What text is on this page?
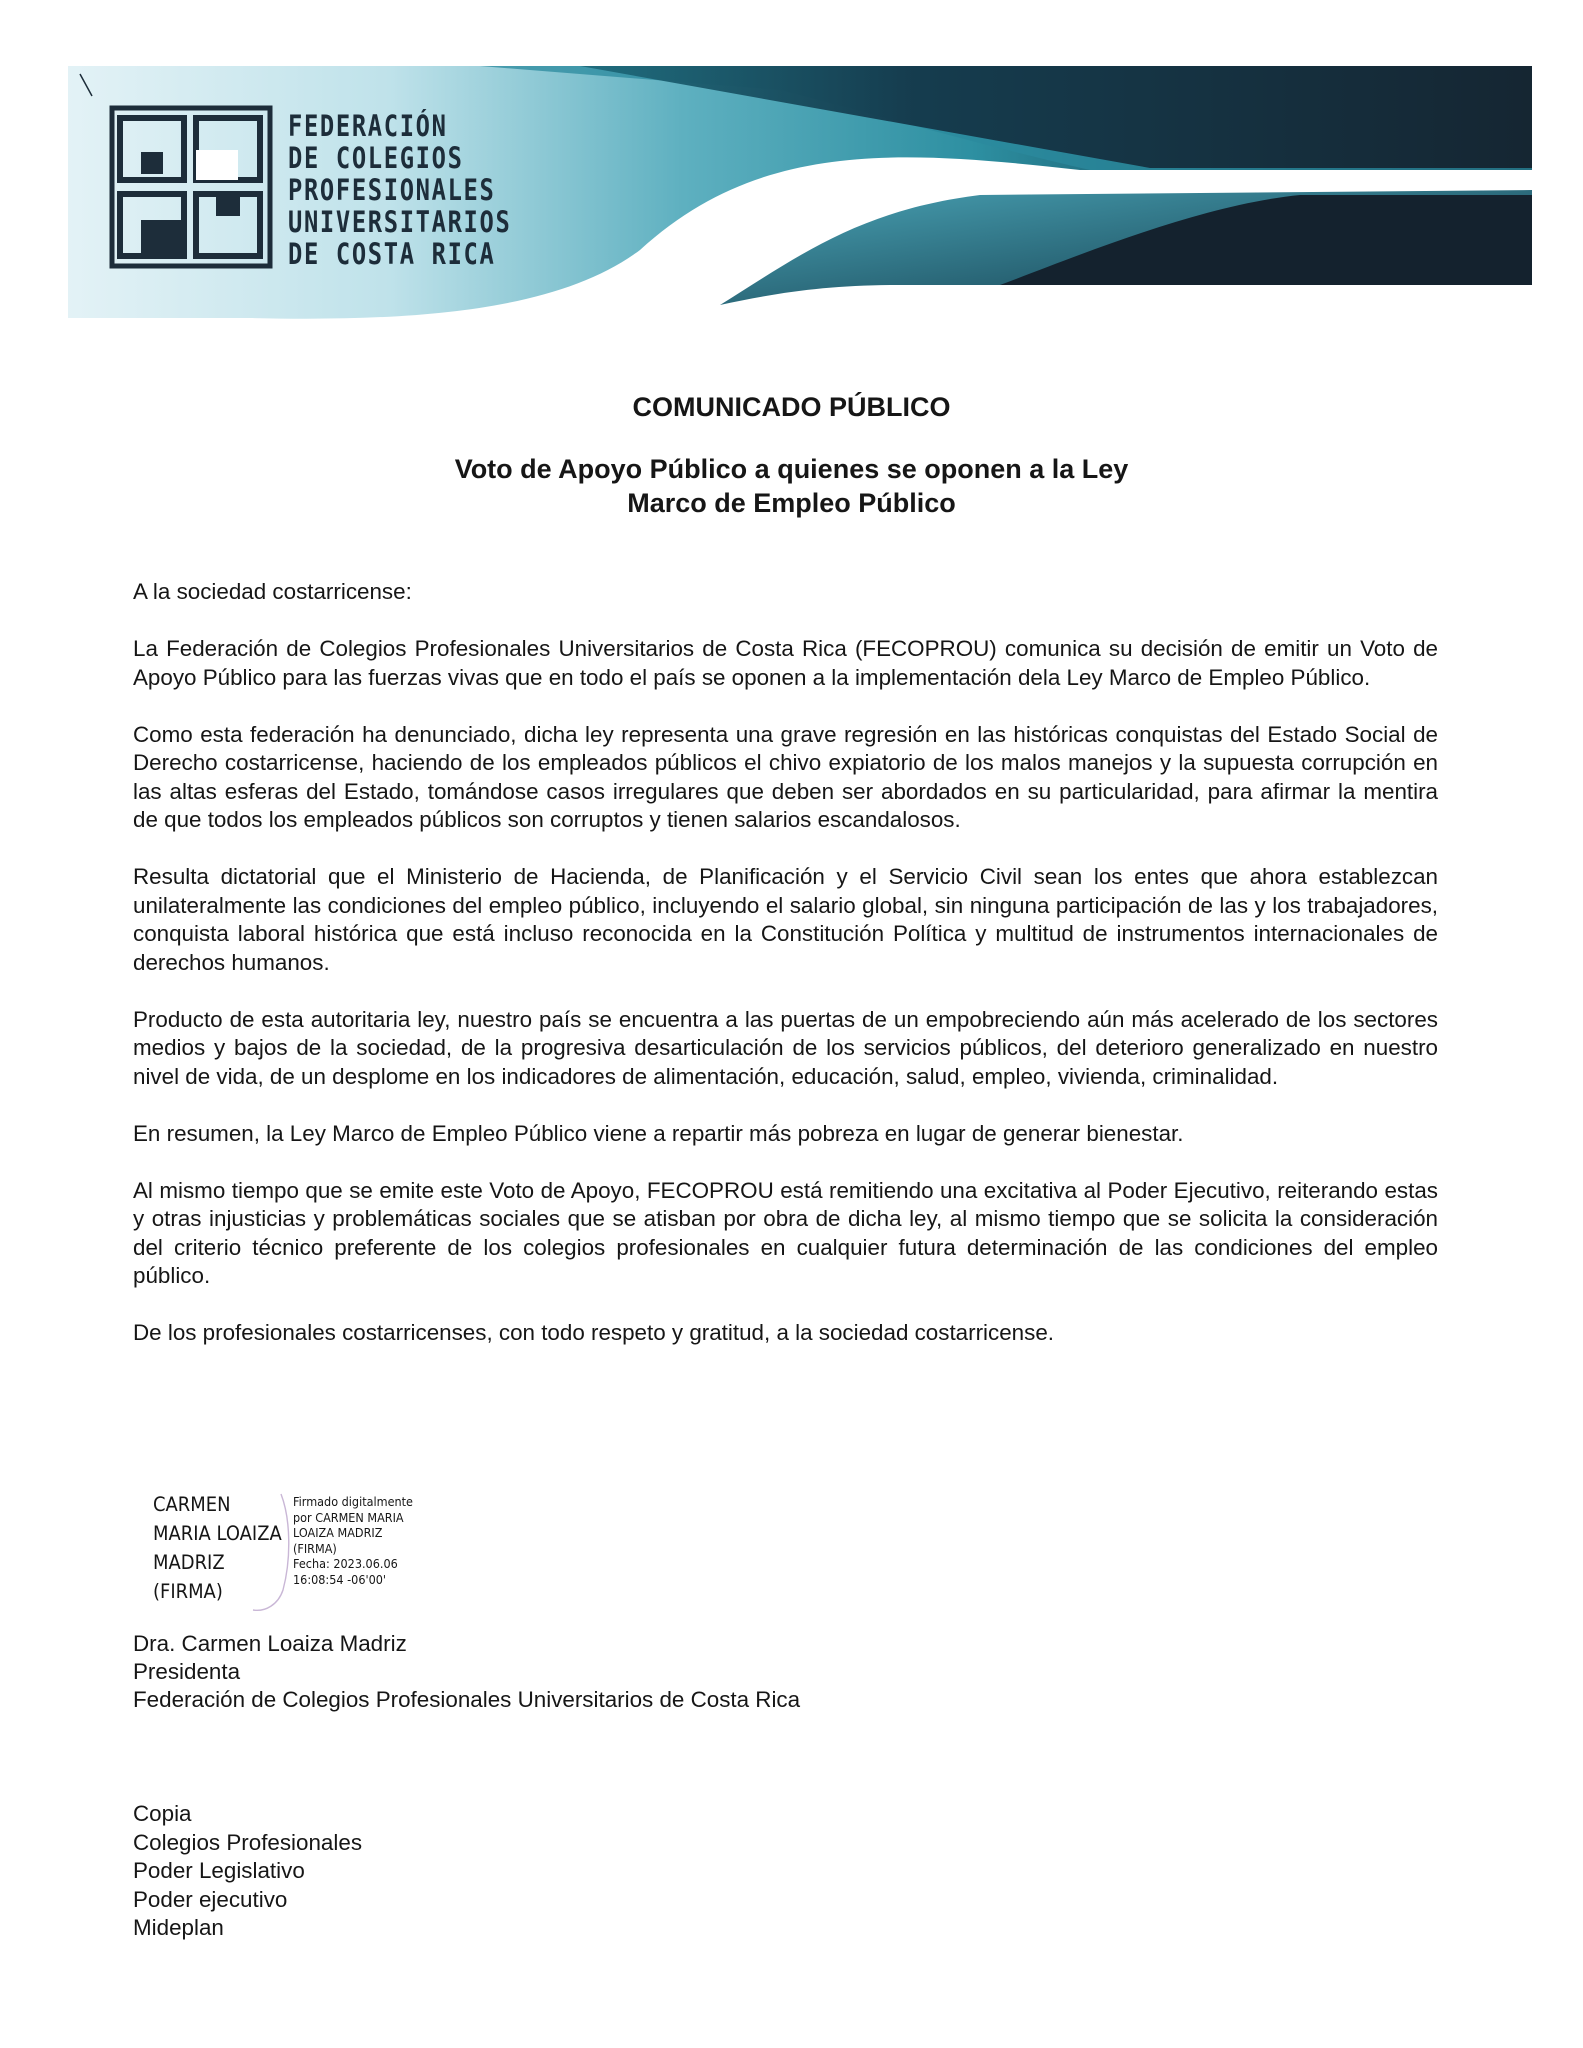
FEDERACIÓN
DE COLEGIOS
PROFESIONALES
UNIVERSITARIOS
DE COSTA RICA
COMUNICADO PÚBLICO
Voto de Apoyo Público a quienes se oponen a la Ley
Marco de Empleo Público

A la sociedad costarricense:

La Federación de Colegios Profesionales Universitarios de Costa Rica (FECOPROU) comunica su decisión de emitir un Voto de Apoyo Público para las fuerzas vivas que en todo el país se oponen a la implementación dela Ley Marco de Empleo Público.

Como esta federación ha denunciado, dicha ley representa una grave regresión en las históricas conquistas del Estado Social de Derecho costarricense, haciendo de los empleados públicos el chivo expiatorio de los malos manejos y la supuesta corrupción en las altas esferas del Estado, tomándose casos irregulares que deben ser abordados en su particularidad, para afirmar la mentira de que todos los empleados públicos son corruptos y tienen salarios escandalosos.

Resulta dictatorial que el Ministerio de Hacienda, de Planificación y el Servicio Civil sean los entes que ahora establezcan unilateralmente las condiciones del empleo público, incluyendo el salario global, sin ninguna participación de las y los trabajadores, conquista laboral histórica que está incluso reconocida en la Constitución Política y multitud de instrumentos internacionales de derechos humanos.

Producto de esta autoritaria ley, nuestro país se encuentra a las puertas de un empobreciendo aún más acelerado de los sectores medios y bajos de la sociedad, de la progresiva desarticulación de los servicios públicos, del deterioro generalizado en nuestro nivel de vida, de un desplome en los indicadores de alimentación, educación, salud, empleo, vivienda, criminalidad.

En resumen, la Ley Marco de Empleo Público viene a repartir más pobreza en lugar de generar bienestar.

Al mismo tiempo que se emite este Voto de Apoyo, FECOPROU está remitiendo una excitativa al Poder Ejecutivo, reiterando estas y otras injusticias y problemáticas sociales que se atisban por obra de dicha ley, al mismo tiempo que se solicita la consideración del criterio técnico preferente de los colegios profesionales en cualquier futura determinación de las condiciones del empleo público.

De los profesionales costarricenses, con todo respeto y gratitud, a la sociedad costarricense.

CARMEN
MARIA LOAIZA
MADRIZ
(FIRMA)
Firmado digitalmente
por CARMEN MARIA
LOAIZA MADRIZ
(FIRMA)
Fecha: 2023.06.06
16:08:54 -06'00'
Dra. Carmen Loaiza Madriz
Presidenta
Federación de Colegios Profesionales Universitarios de Costa Rica
Copia
Colegios Profesionales
Poder Legislativo
Poder ejecutivo
Mideplan
